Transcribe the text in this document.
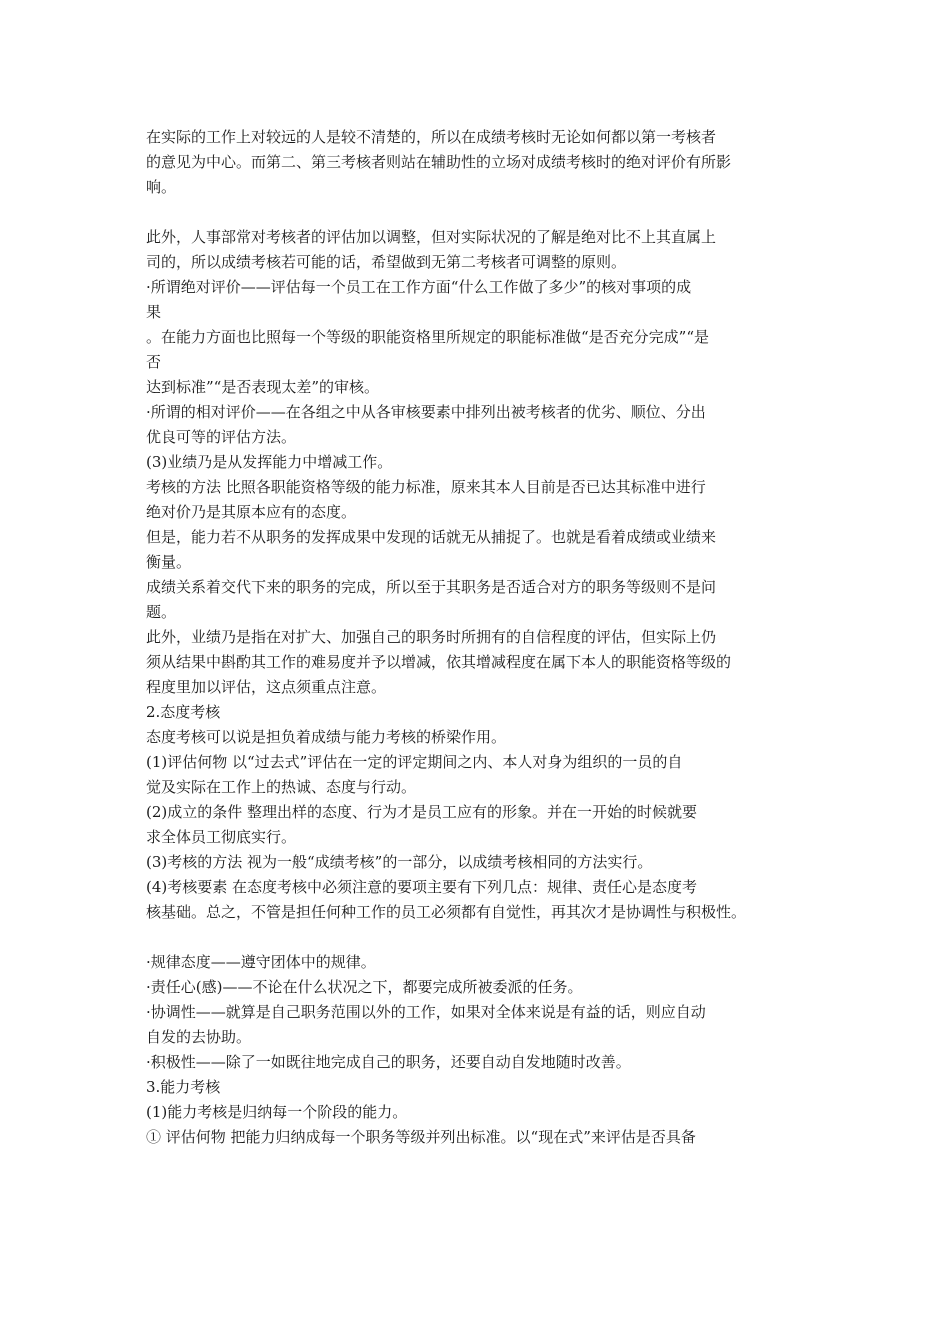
在实际的工作上对较远的人是较不清楚的，所以在成绩考核时无论如何都以第一考核者
的意见为中心。而第二、第三考核者则站在辅助性的立场对成绩考核时的绝对评价有所影
响。
此外，人事部常对考核者的评估加以调整，但对实际状况的了解是绝对比不上其直属上
司的，所以成绩考核若可能的话，希望做到无第二考核者可调整的原则。
·所谓绝对评价——评估每一个员工在工作方面“什么工作做了多少”的核对事项的成
果
。在能力方面也比照每一个等级的职能资格里所规定的职能标准做“是否充分完成”“是
否
达到标准”“是否表现太差”的审核。
·所谓的相对评价——在各组之中从各审核要素中排列出被考核者的优劣、顺位、分出
优良可等的评估方法。
(3)业绩乃是从发挥能力中增减工作。
考核的方法 比照各职能资格等级的能力标准，原来其本人目前是否已达其标准中进行
绝对价乃是其原本应有的态度。
但是，能力若不从职务的发挥成果中发现的话就无从捕捉了。也就是看着成绩或业绩来
衡量。
成绩关系着交代下来的职务的完成，所以至于其职务是否适合对方的职务等级则不是问
题。
此外，业绩乃是指在对扩大、加强自己的职务时所拥有的自信程度的评估，但实际上仍
须从结果中斟酌其工作的难易度并予以增减，依其增减程度在属下本人的职能资格等级的
程度里加以评估，这点须重点注意。
2.态度考核
态度考核可以说是担负着成绩与能力考核的桥梁作用。
(1)评估何物 以“过去式”评估在一定的评定期间之内、本人对身为组织的一员的自
觉及实际在工作上的热诚、态度与行动。
(2)成立的条件 整理出样的态度、行为才是员工应有的形象。并在一开始的时候就要
求全体员工彻底实行。
(3)考核的方法 视为一般“成绩考核”的一部分，以成绩考核相同的方法实行。
(4)考核要素 在态度考核中必须注意的要项主要有下列几点：规律、责任心是态度考
核基础。总之，不管是担任何种工作的员工必须都有自觉性，再其次才是协调性与积极性。
·规律态度——遵守团体中的规律。
·责任心(感)——不论在什么状况之下，都要完成所被委派的任务。
·协调性——就算是自己职务范围以外的工作，如果对全体来说是有益的话，则应自动
自发的去协助。
·积极性——除了一如既往地完成自己的职务，还要自动自发地随时改善。
3.能力考核
(1)能力考核是归纳每一个阶段的能力。
① 评估何物 把能力归纳成每一个职务等级并列出标准。以“现在式”来评估是否具备
